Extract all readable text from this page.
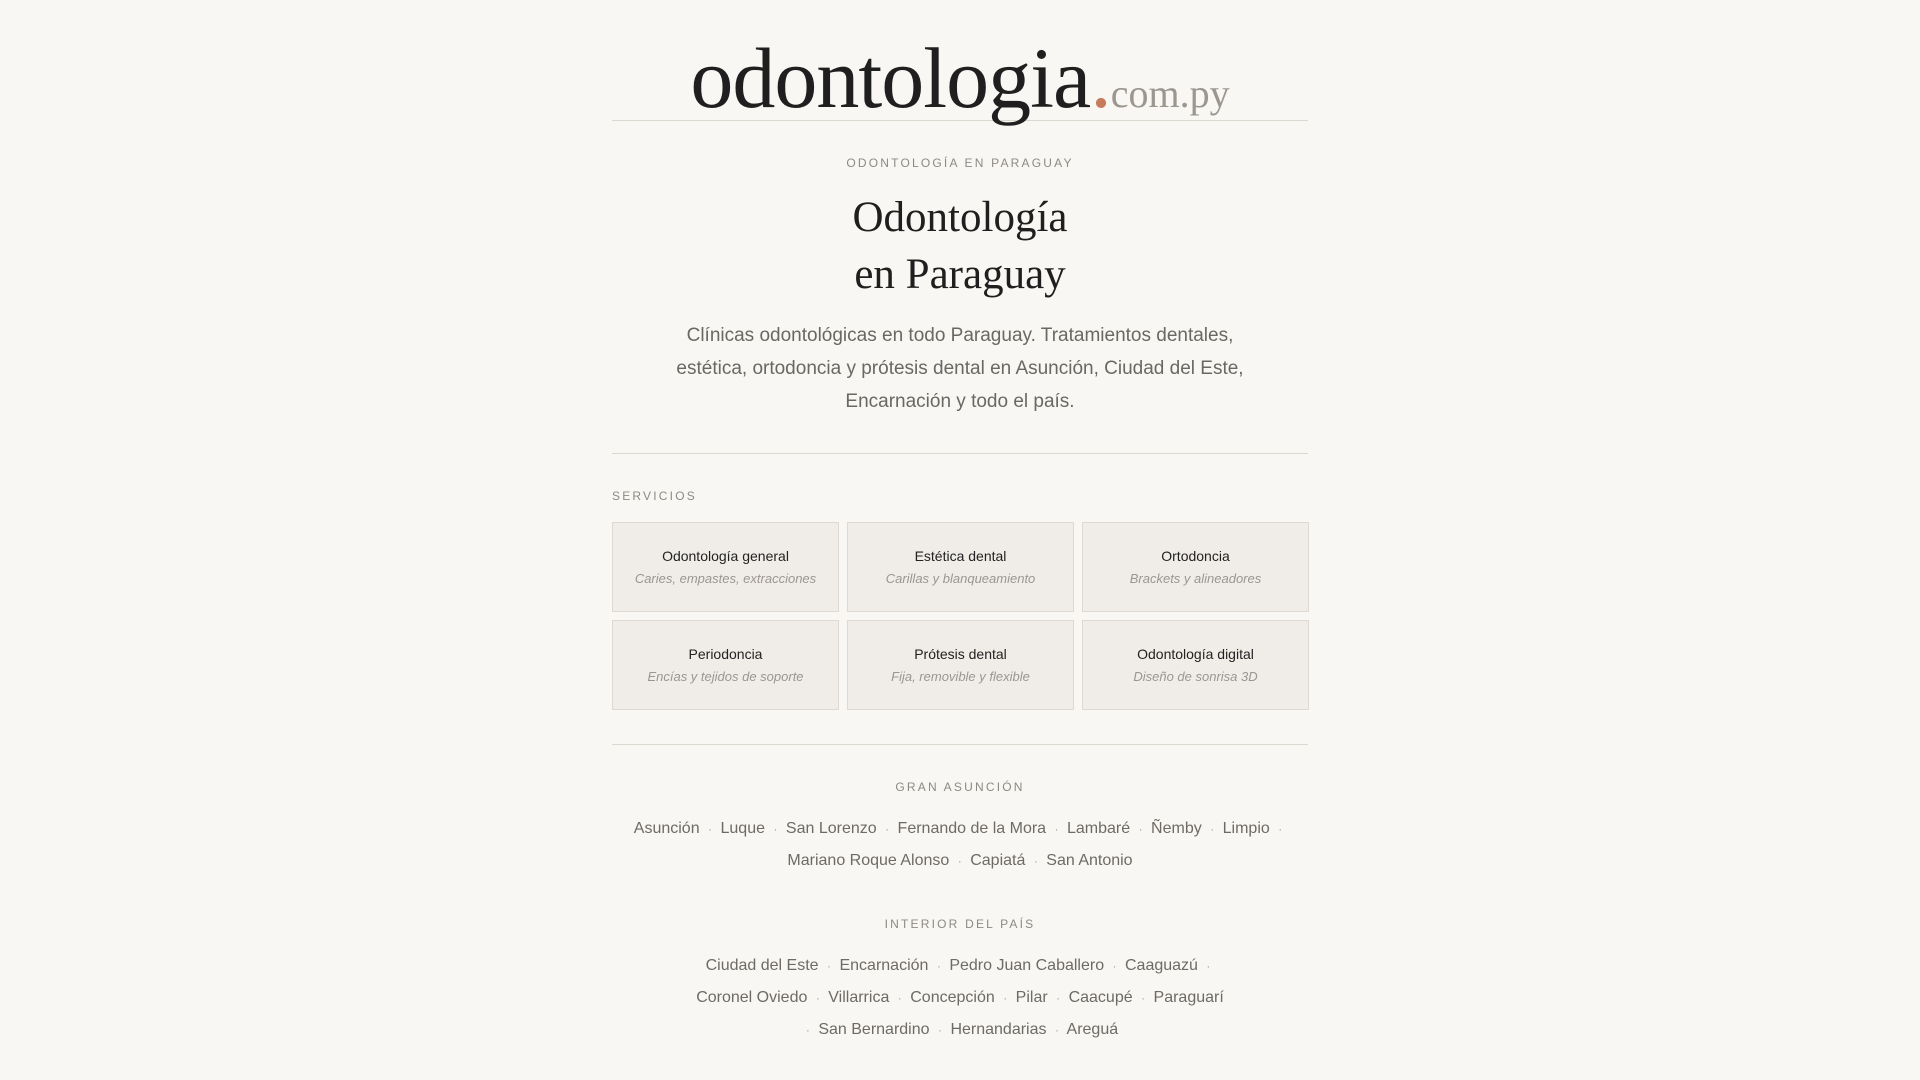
odontologia.com.py
ODONTOLOGÍA EN PARAGUAY
Odontología
en Paraguay

Clínicas odontológicas en todo Paraguay. Tratamientos dentales, estética, ortodoncia y prótesis dental en Asunción, Ciudad del Este, Encarnación y todo el país.

SERVICIOS
Odontología general
Caries, empastes, extracciones
Estética dental
Carillas y blanqueamiento
Ortodoncia
Brackets y alineadores
Periodoncia
Encías y tejidos de soporte
Prótesis dental
Fija, removible y flexible
Odontología digital
Diseño de sonrisa 3D
GRAN ASUNCIÓN
Asunción · Luque · San Lorenzo · Fernando de la Mora · Lambaré · Ñemby · Limpio · Mariano Roque Alonso · Capiatá · San Antonio
INTERIOR DEL PAÍS
Ciudad del Este · Encarnación · Pedro Juan Caballero · Caaguazú · Coronel Oviedo · Villarrica · Concepción · Pilar · Caacupé · Paraguarí · San Bernardino · Hernandarias · Areguá
